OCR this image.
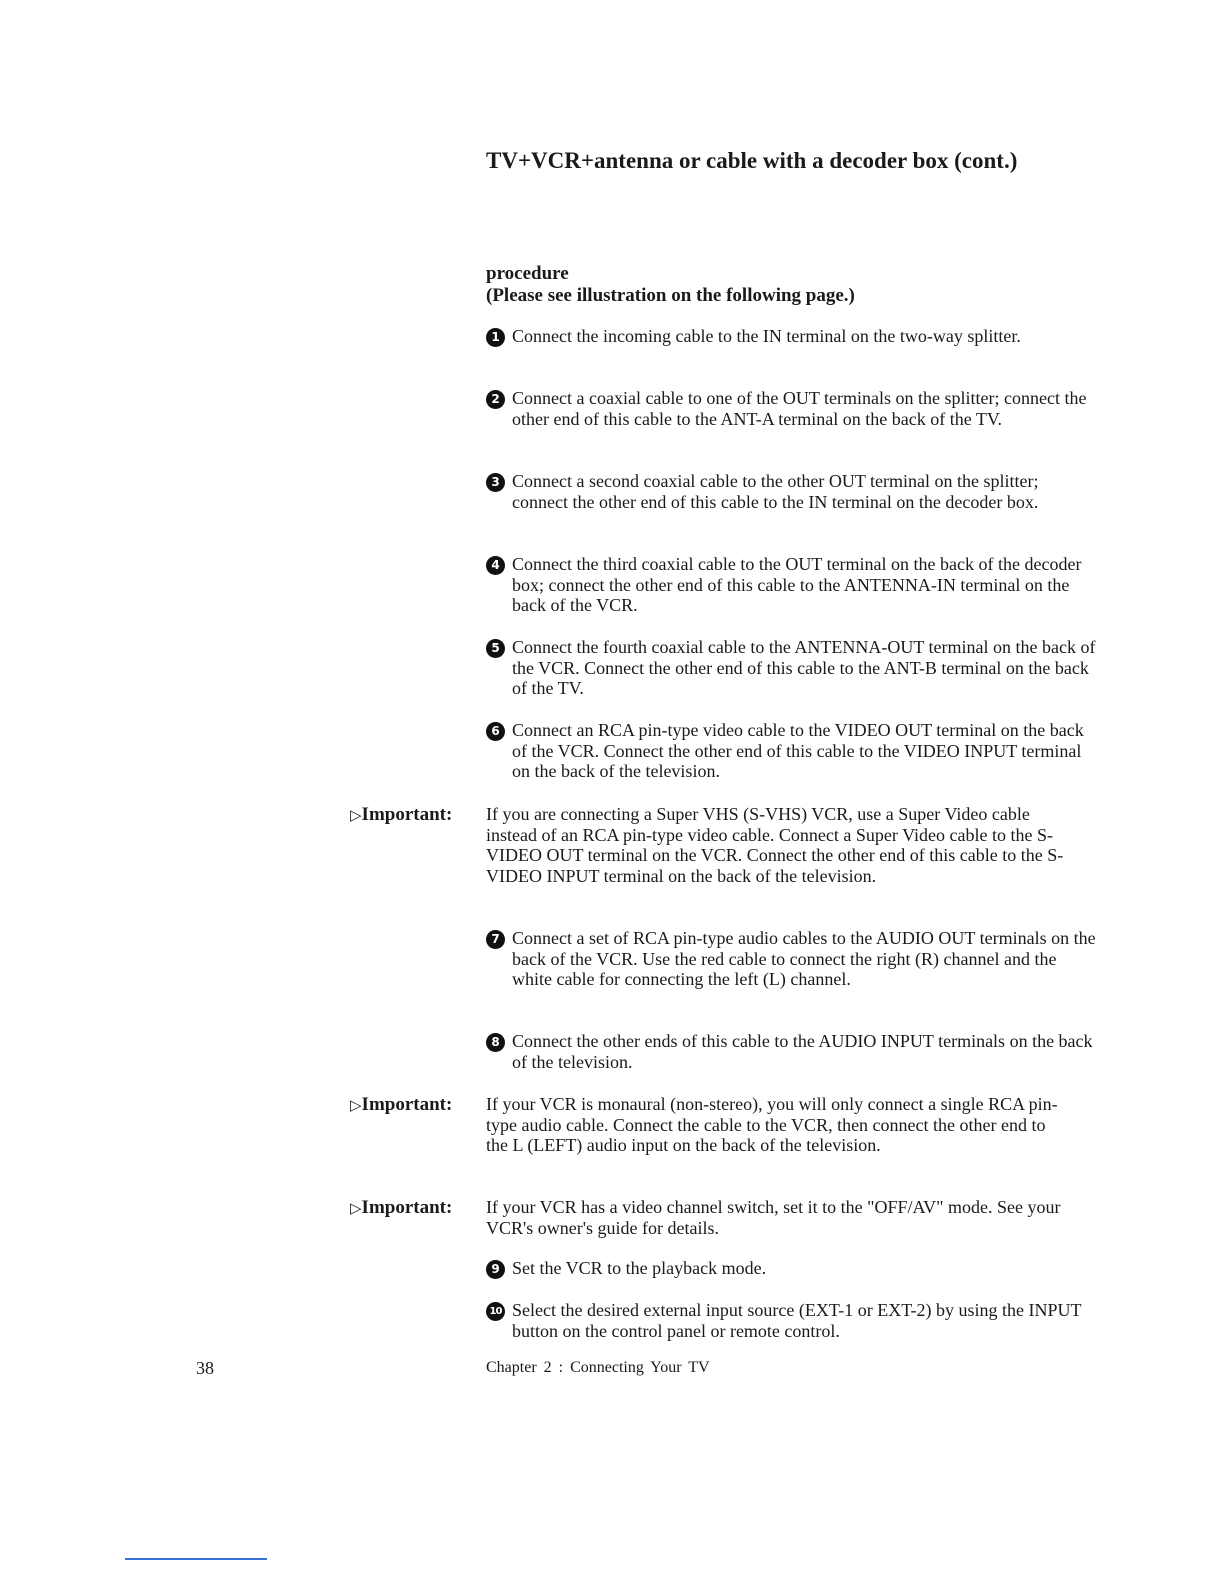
TV+VCR+antenna or cable with a decoder box (cont.)
procedure
(Please see illustration on the following page.)
1 Connect the incoming cable to the IN terminal on the two-way splitter.
2 Connect a coaxial cable to one of the OUT terminals on the splitter; connect the other end of this cable to the ANT-A terminal on the back of the TV.
3 Connect a second coaxial cable to the other OUT terminal on the splitter; connect the other end of this cable to the IN terminal on the decoder box.
4 Connect the third coaxial cable to the OUT terminal on the back of the decoder box; connect the other end of this cable to the ANTENNA-IN terminal on the back of the VCR.
5 Connect the fourth coaxial cable to the ANTENNA-OUT terminal on the back of the VCR. Connect the other end of this cable to the ANT-B terminal on the back of the TV.
6 Connect an RCA pin-type video cable to the VIDEO OUT terminal on the back of the VCR. Connect the other end of this cable to the VIDEO INPUT terminal on the back of the television.
▷Important: If you are connecting a Super VHS (S-VHS) VCR, use a Super Video cable instead of an RCA pin-type video cable. Connect a Super Video cable to the S-VIDEO OUT terminal on the VCR. Connect the other end of this cable to the S-VIDEO INPUT terminal on the back of the television.
7 Connect a set of RCA pin-type audio cables to the AUDIO OUT terminals on the back of the VCR. Use the red cable to connect the right (R) channel and the white cable for connecting the left (L) channel.
8 Connect the other ends of this cable to the AUDIO INPUT terminals on the back of the television.
▷Important: If your VCR is monaural (non-stereo), you will only connect a single RCA pin-type audio cable. Connect the cable to the VCR, then connect the other end to the L (LEFT) audio input on the back of the television.
▷Important: If your VCR has a video channel switch, set it to the "OFF/AV" mode. See your VCR's owner's guide for details.
9 Set the VCR to the playback mode.
10 Select the desired external input source (EXT-1 or EXT-2) by using the INPUT button on the control panel or remote control.
38	Chapter 2 : Connecting Your TV
